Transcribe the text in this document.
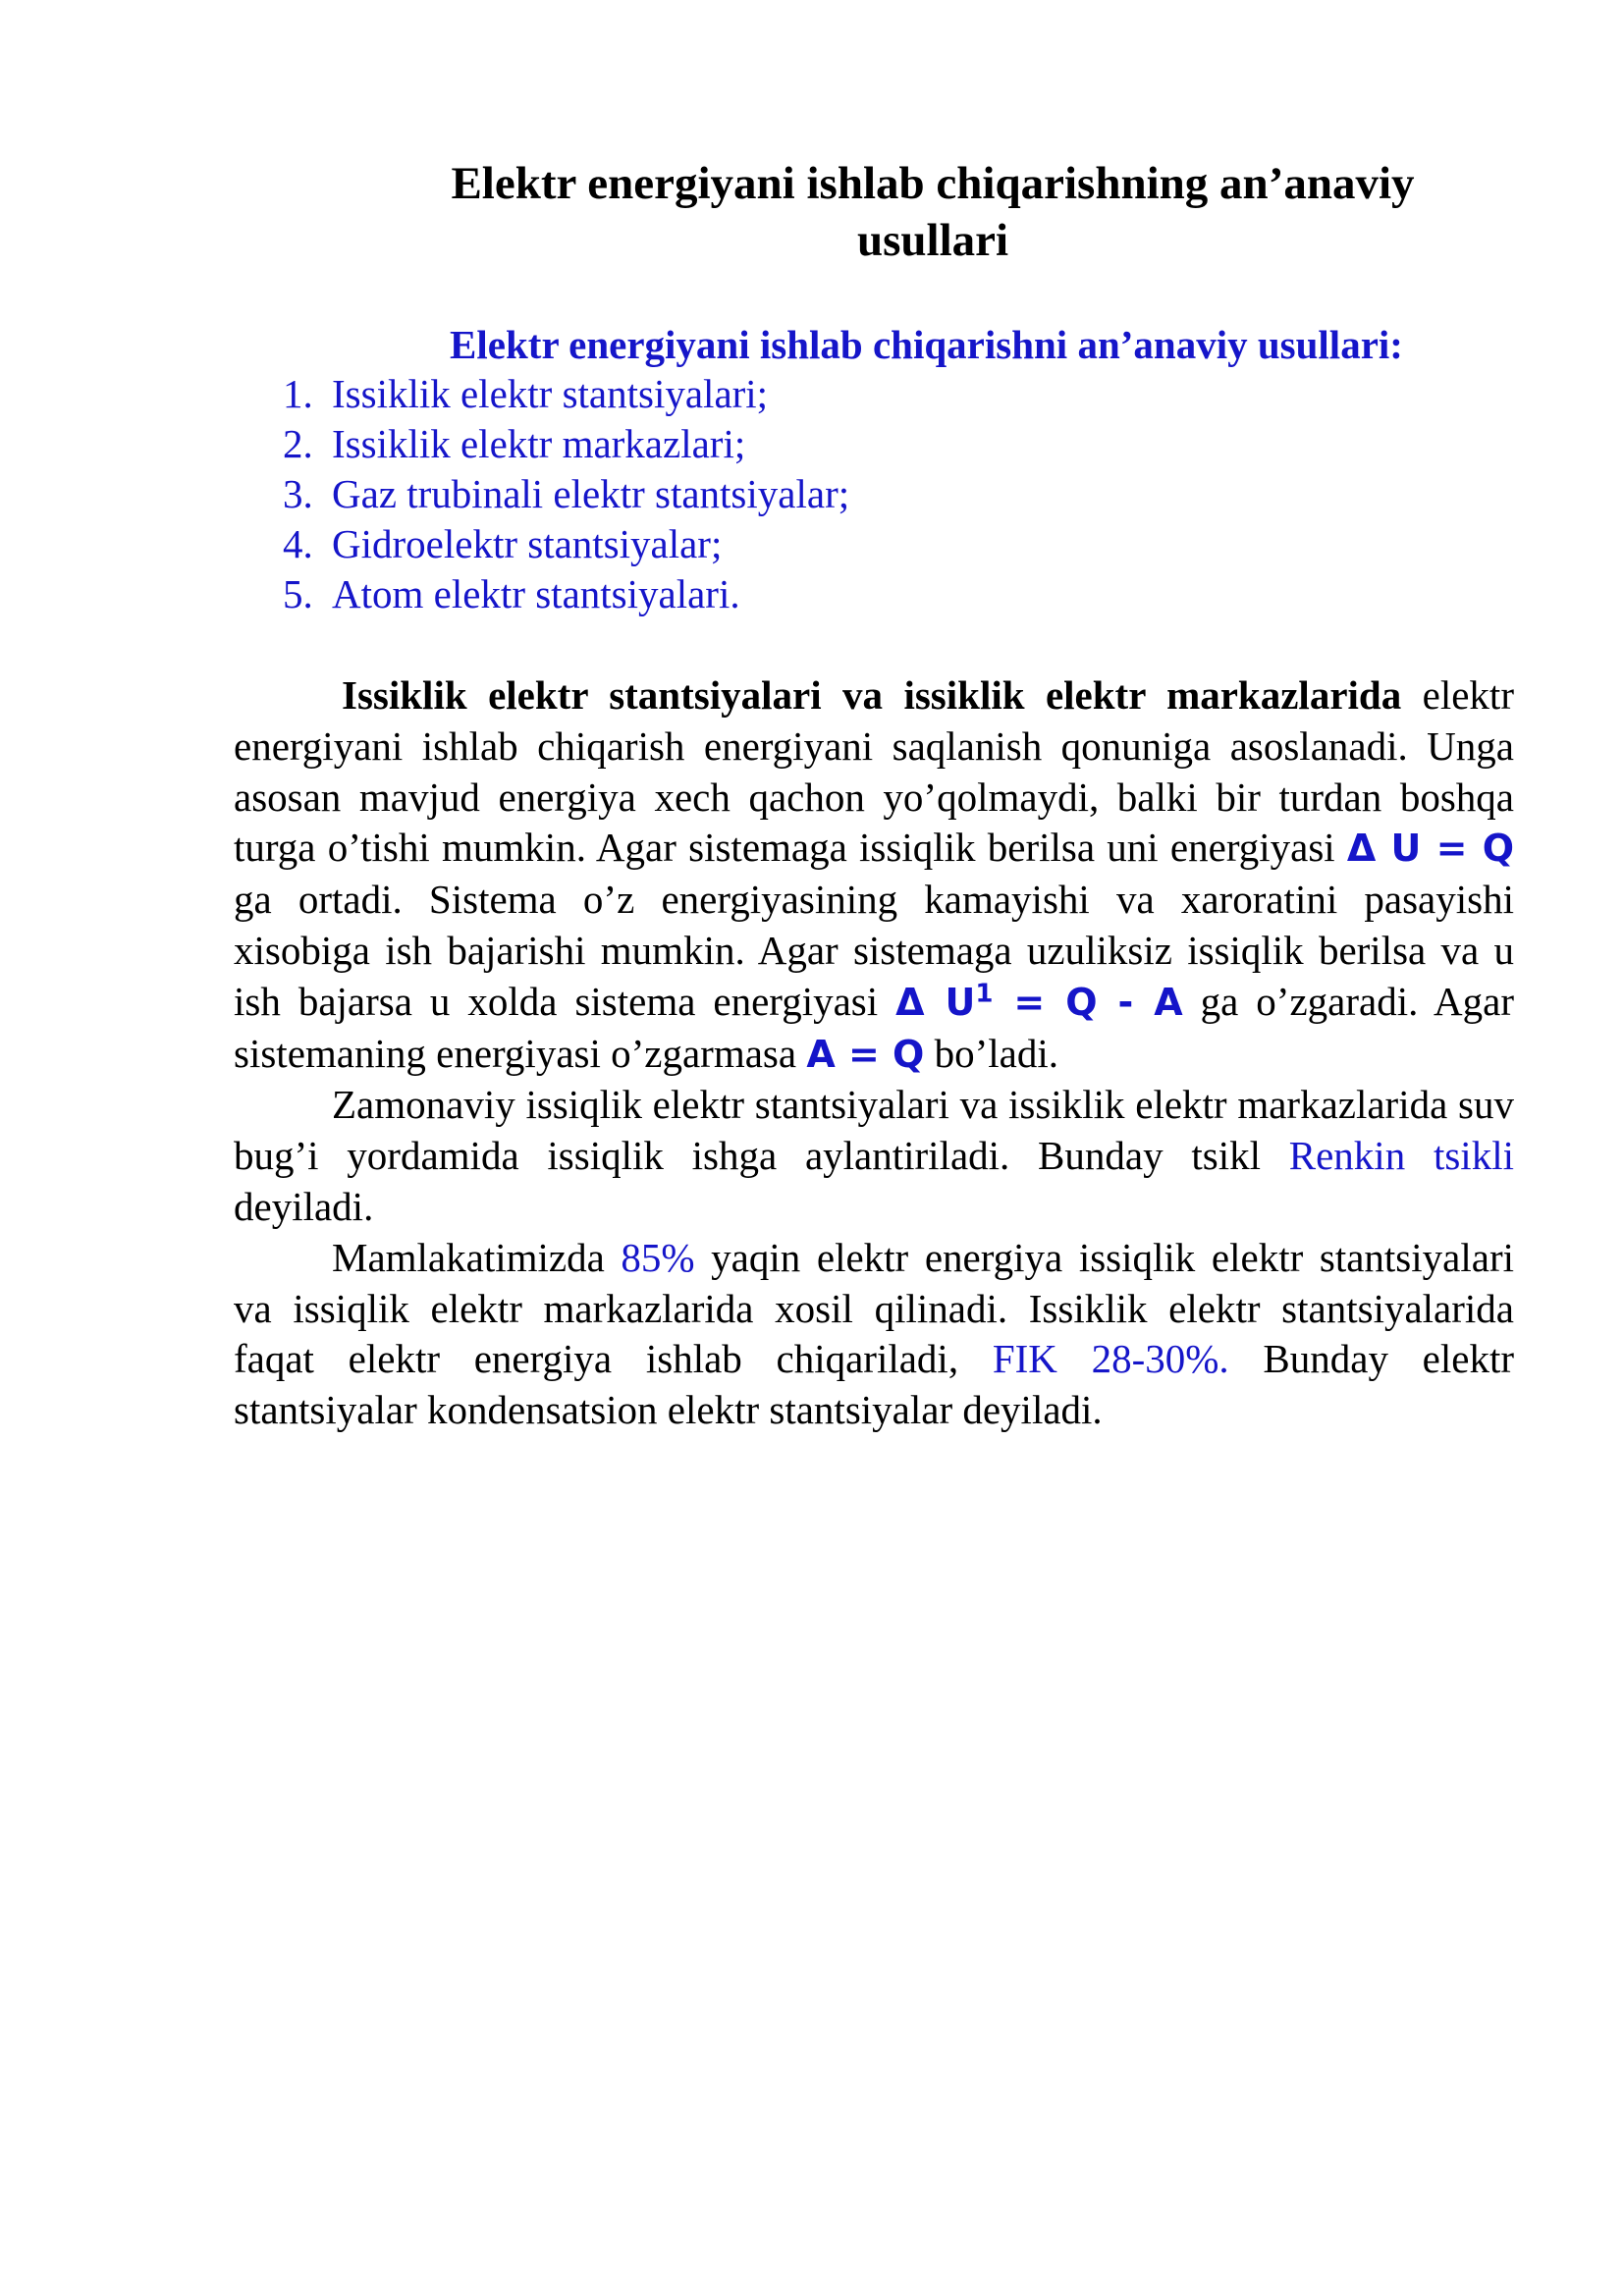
Elektr energiyani ishlab chiqarishning an’anaviy usullari
Elektr energiyani ishlab chiqarishni an’anaviy usullari:
1. Issiklik elektr stantsiyalari;
2. Issiklik elektr markazlari;
3. Gaz trubinali elektr stantsiyalar;
4. Gidroelektr stantsiyalar;
5. Atom elektr stantsiyalari.

Issiklik elektr stantsiyalari va issiklik elektr markazlarida elektr energiyani ishlab chiqarish energiyani saqlanish qonuniga asoslanadi. Unga asosan mavjud energiya xech qachon yo’qolmaydi, balki bir turdan boshqa turga o’tishi mumkin. Agar sistemaga issiqlik berilsa uni energiyasi Δ U = Q ga ortadi. Sistema o’z energiyasining kamayishi va xaroratini pasayishi xisobiga ish bajarishi mumkin. Agar sistemaga uzuliksiz issiqlik berilsa va u ish bajarsa u xolda sistema energiyasi Δ $U^1 = Q - A$ ga o’zgaradi. Agar sistemaning energiyasi o’zgarmasa A = Q bo’ladi.

Zamonaviy issiqlik elektr stantsiyalari va issiklik elektr markazlarida suv bug’i yordamida issiqlik ishga aylantiriladi. Bunday tsikl Renkin tsikli deyiladi.

Mamlakatimizda 85% yaqin elektr energiya issiqlik elektr stantsiyalari va issiqlik elektr markazlarida xosil qilinadi. Issiklik elektr stantsiyalarida faqat elektr energiya ishlab chiqariladi, FIK 28-30%. Bunday elektr stantsiyalar kondensatsion elektr stantsiyalar deyiladi.
